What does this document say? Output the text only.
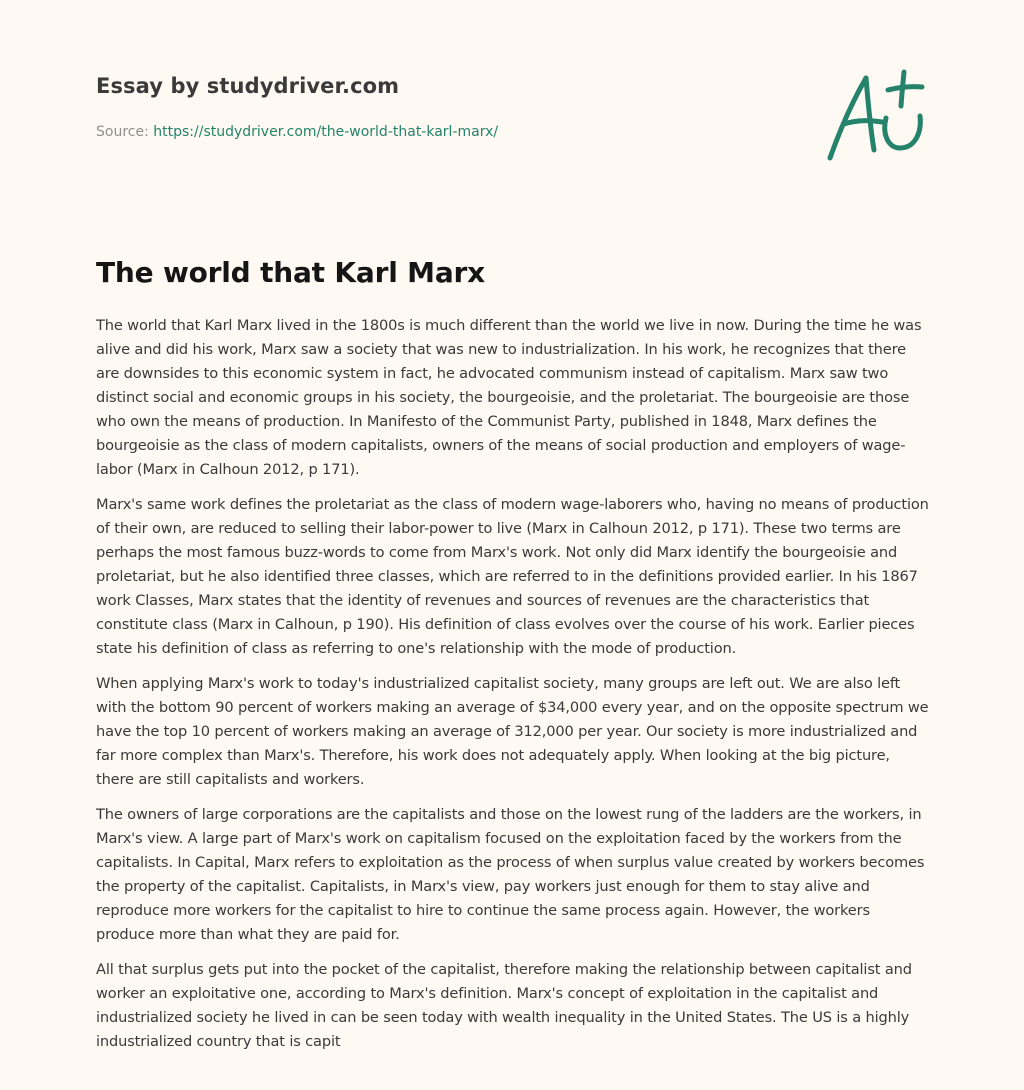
Essay by studydriver.com
Source: https://studydriver.com/the-world-that-karl-marx/
The world that Karl Marx

The world that Karl Marx lived in the 1800s is much different than the world we live in now. During the time he was alive and did his work, Marx saw a society that was new to industrialization. In his work, he recognizes that there are downsides to this economic system in fact, he advocated communism instead of capitalism. Marx saw two distinct social and economic groups in his society, the bourgeoisie, and the proletariat. The bourgeoisie are those who own the means of production. In Manifesto of the Communist Party, published in 1848, Marx defines the bourgeoisie as the class of modern capitalists, owners of the means of social production and employers of wage-labor (Marx in Calhoun 2012, p 171).

Marx's same work defines the proletariat as the class of modern wage-laborers who, having no means of production of their own, are reduced to selling their labor-power to live (Marx in Calhoun 2012, p 171). These two terms are perhaps the most famous buzz-words to come from Marx's work. Not only did Marx identify the bourgeoisie and proletariat, but he also identified three classes, which are referred to in the definitions provided earlier. In his 1867 work Classes, Marx states that the identity of revenues and sources of revenues are the characteristics that constitute class (Marx in Calhoun, p 190). His definition of class evolves over the course of his work. Earlier pieces state his definition of class as referring to one's relationship with the mode of production.

When applying Marx's work to today's industrialized capitalist society, many groups are left out. We are also left with the bottom 90 percent of workers making an average of $34,000 every year, and on the opposite spectrum we have the top 10 percent of workers making an average of 312,000 per year. Our society is more industrialized and far more complex than Marx's. Therefore, his work does not adequately apply. When looking at the big picture, there are still capitalists and workers.

The owners of large corporations are the capitalists and those on the lowest rung of the ladders are the workers, in Marx's view. A large part of Marx's work on capitalism focused on the exploitation faced by the workers from the capitalists. In Capital, Marx refers to exploitation as the process of when surplus value created by workers becomes the property of the capitalist. Capitalists, in Marx's view, pay workers just enough for them to stay alive and reproduce more workers for the capitalist to hire to continue the same process again. However, the workers produce more than what they are paid for.

All that surplus gets put into the pocket of the capitalist, therefore making the relationship between capitalist and worker an exploitative one, according to Marx's definition. Marx's concept of exploitation in the capitalist and industrialized society he lived in can be seen today with wealth inequality in the United States. The US is a highly industrialized country that is capit
